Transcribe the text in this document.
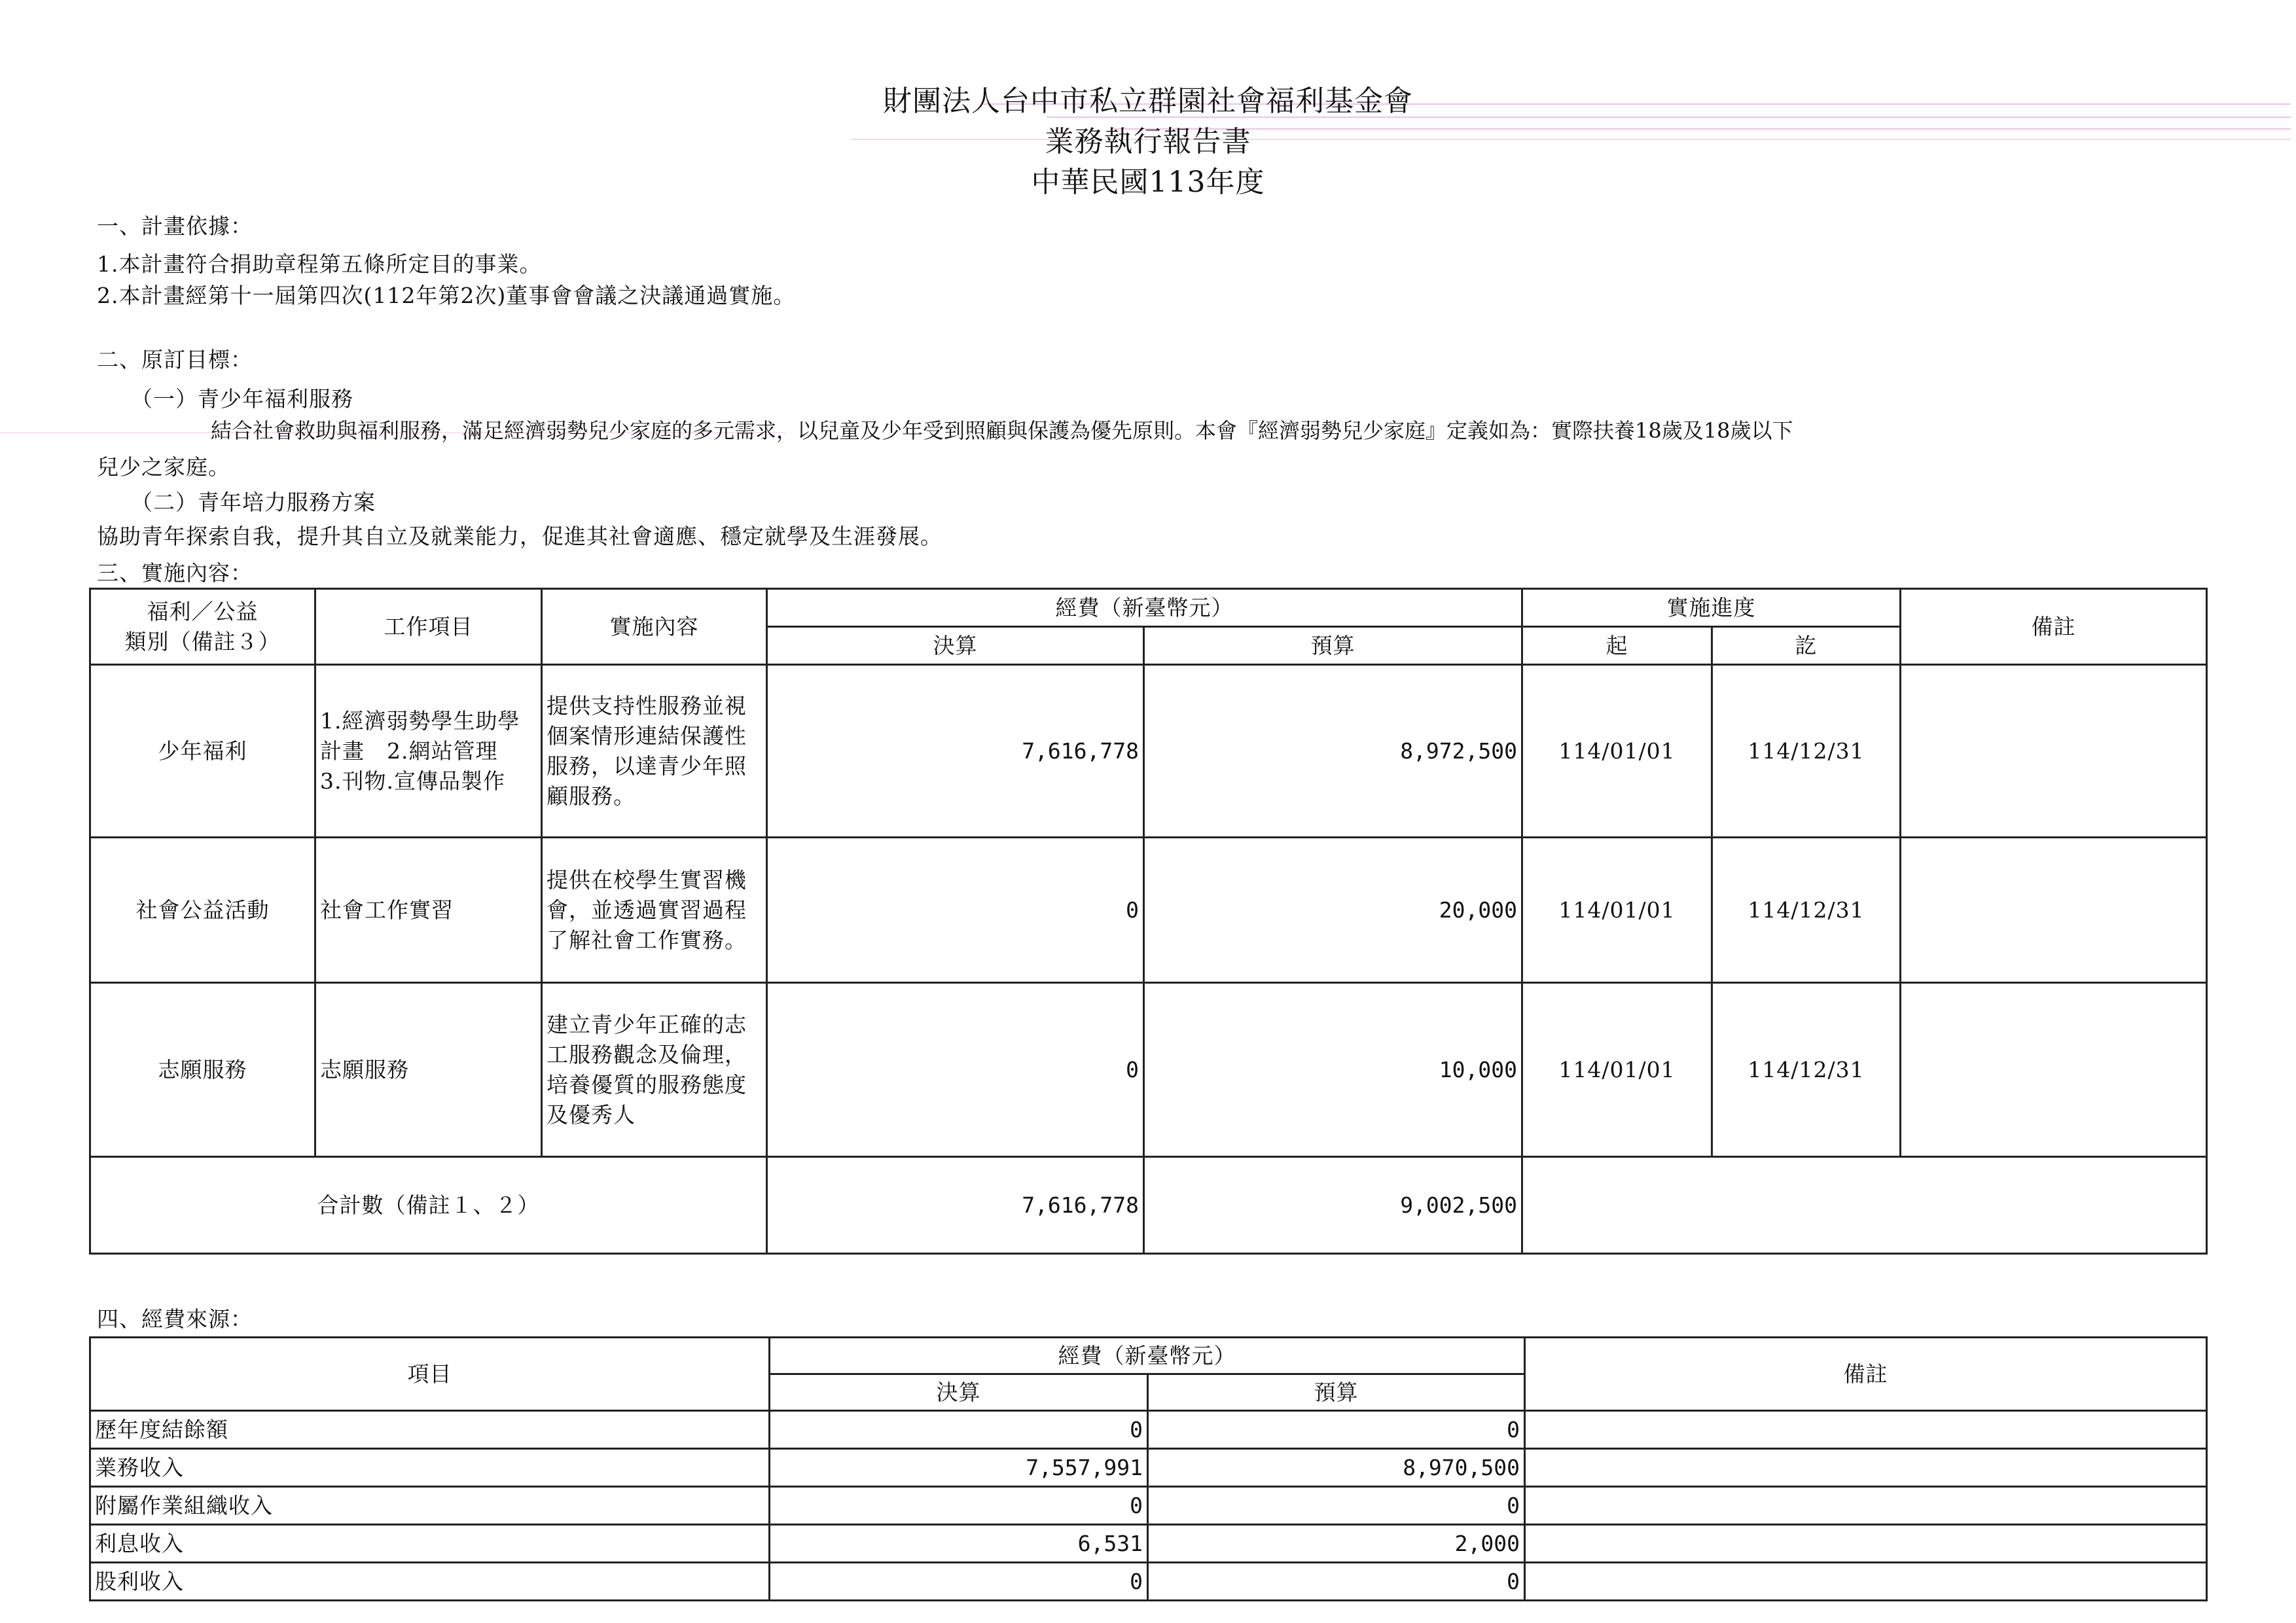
財團法人台中市私立群園社會福利基金會
業務執行報告書
中華民國113年度
一、計畫依據：
1.本計畫符合捐助章程第五條所定目的事業。
2.本計畫經第十一屆第四次(112年第2次)董事會會議之決議通過實施。
二、原訂目標：
（一）青少年福利服務
結合社會救助與福利服務，滿足經濟弱勢兒少家庭的多元需求，以兒童及少年受到照顧與保護為優先原則。本會『經濟弱勢兒少家庭』定義如為：實際扶養18歲及18歲以下
兒少之家庭。
（二）青年培力服務方案
協助青年探索自我，提升其自立及就業能力，促進其社會適應、穩定就學及生涯發展。
三、實施內容：
福利／公益
類別（備註３）	工作項目	實施內容	經費（新臺幣元）		實施進度		備註
			決算	預算	起	訖	
少年福利	1.經濟弱勢學生助學計畫　2.網站管理　　3.刊物.宣傳品製作	提供支持性服務並視個案情形連結保護性服務，以達青少年照顧服務。	7,616,778	8,972,500	114/01/01	114/12/31	
社會公益活動	社會工作實習	提供在校學生實習機會，並透過實習過程了解社會工作實務。	0	20,000	114/01/01	114/12/31	
志願服務	志願服務	建立青少年正確的志工服務觀念及倫理，培養優質的服務態度及優秀人	0	10,000	114/01/01	114/12/31	
合計數（備註１、２）			7,616,778	9,002,500			
四、經費來源：
項目	經費（新臺幣元）		備註
	決算	預算	
歷年度結餘額	0	0	
業務收入	7,557,991	8,970,500	
附屬作業組織收入	0	0	
利息收入	6,531	2,000	
股利收入	0	0	
